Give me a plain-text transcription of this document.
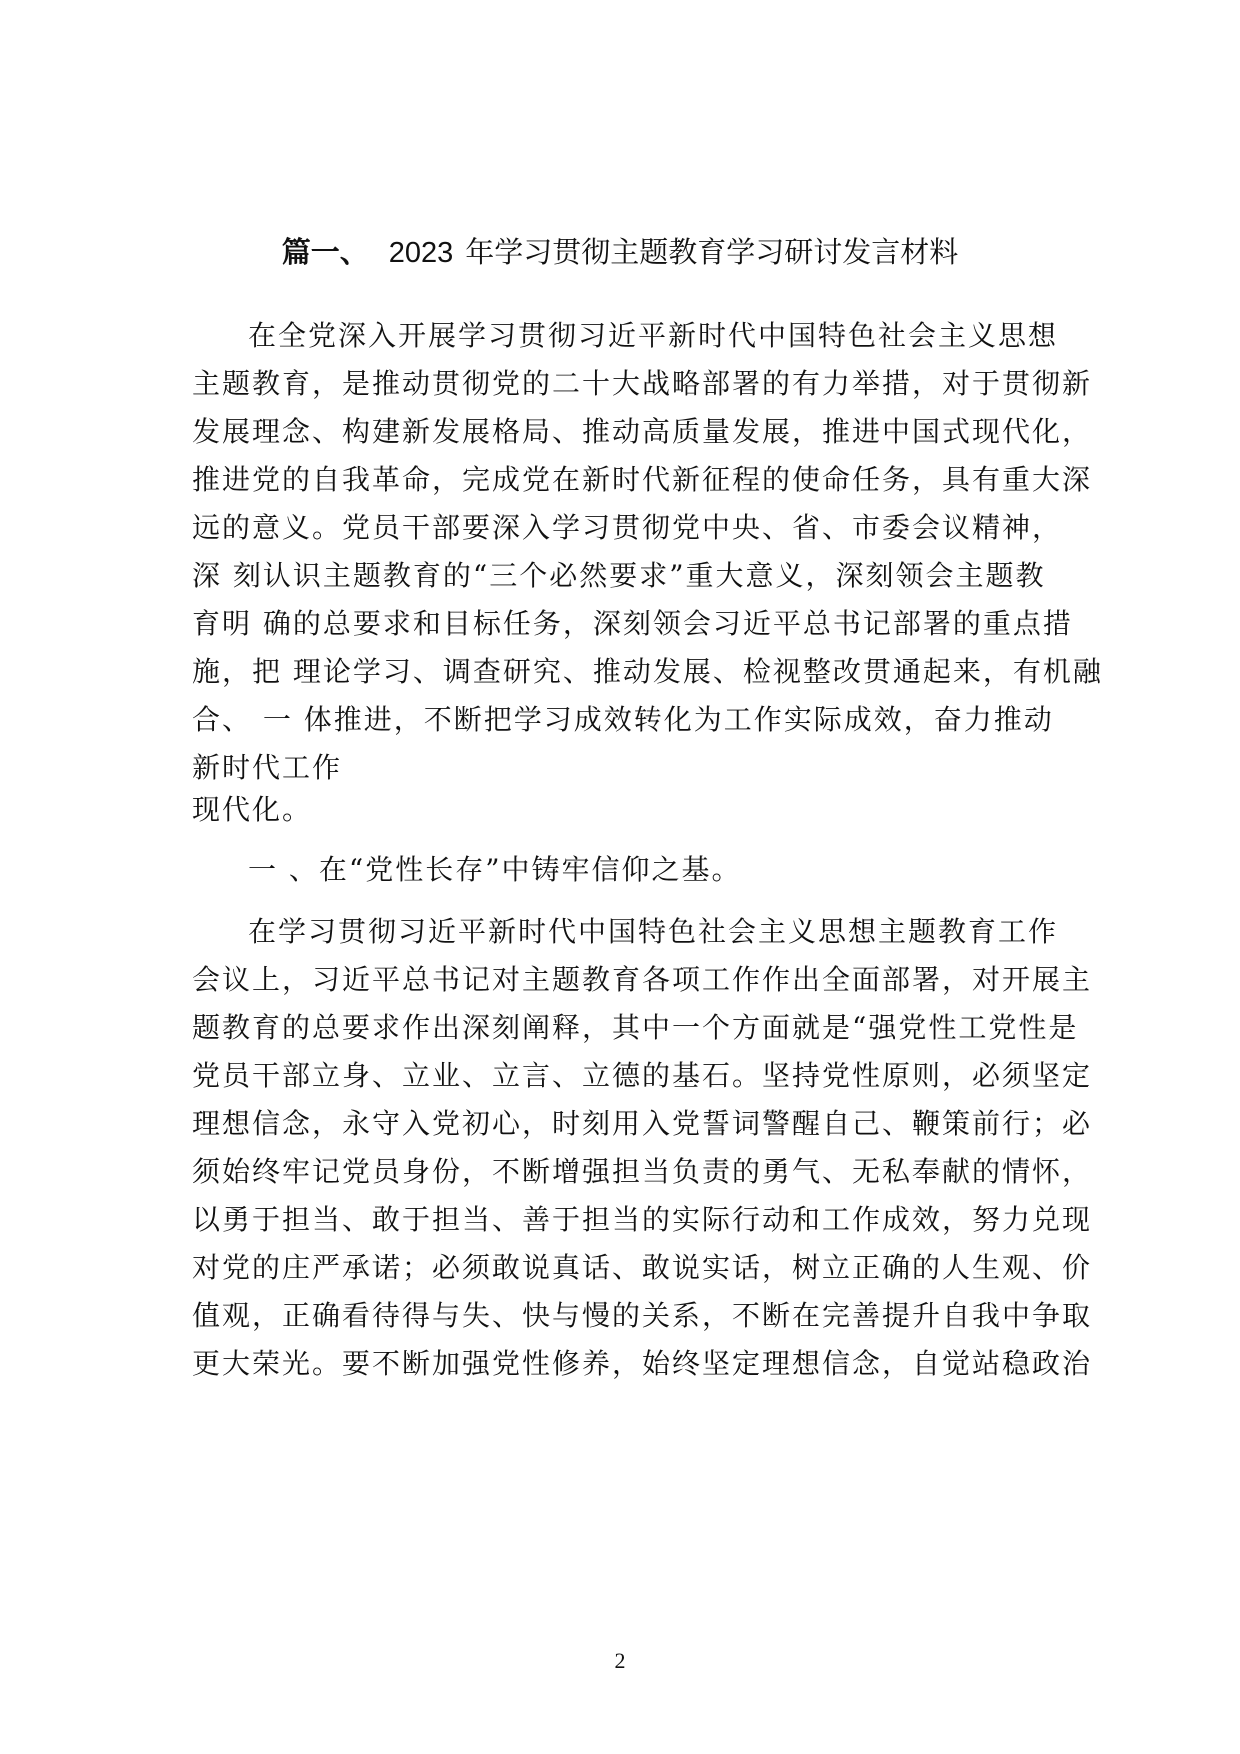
篇一、 2023 年学习贯彻主题教育学习研讨发言材料
在全党深入开展学习贯彻习近平新时代中国特色社会主义思想
主题教育，是推动贯彻党的二十大战略部署的有力举措，对于贯彻新
发展理念、构建新发展格局、推动高质量发展，推进中国式现代化，
推进党的自我革命，完成党在新时代新征程的使命任务，具有重大深
远的意义。党员干部要深入学习贯彻党中央、省、市委会议精神，
深 刻认识主题教育的“三个必然要求”重大意义，深刻领会主题教
育明 确的总要求和目标任务，深刻领会习近平总书记部署的重点措
施，把 理论学习、调查研究、推动发展、检视整改贯通起来，有机融
合、 一 体推进，不断把学习成效转化为工作实际成效，奋力推动
新时代工作
现代化。
一 、在“党性长存”中铸牢信仰之基。
在学习贯彻习近平新时代中国特色社会主义思想主题教育工作
会议上，习近平总书记对主题教育各项工作作出全面部署，对开展主
题教育的总要求作出深刻阐释，其中一个方面就是“强党性工党性是
党员干部立身、立业、立言、立德的基石。坚持党性原则，必须坚定
理想信念，永守入党初心，时刻用入党誓词警醒自己、鞭策前行；必
须始终牢记党员身份，不断增强担当负责的勇气、无私奉献的情怀，
以勇于担当、敢于担当、善于担当的实际行动和工作成效，努力兑现
对党的庄严承诺；必须敢说真话、敢说实话，树立正确的人生观、价
值观，正确看待得与失、快与慢的关系，不断在完善提升自我中争取
更大荣光。要不断加强党性修养，始终坚定理想信念，自觉站稳政治
2
